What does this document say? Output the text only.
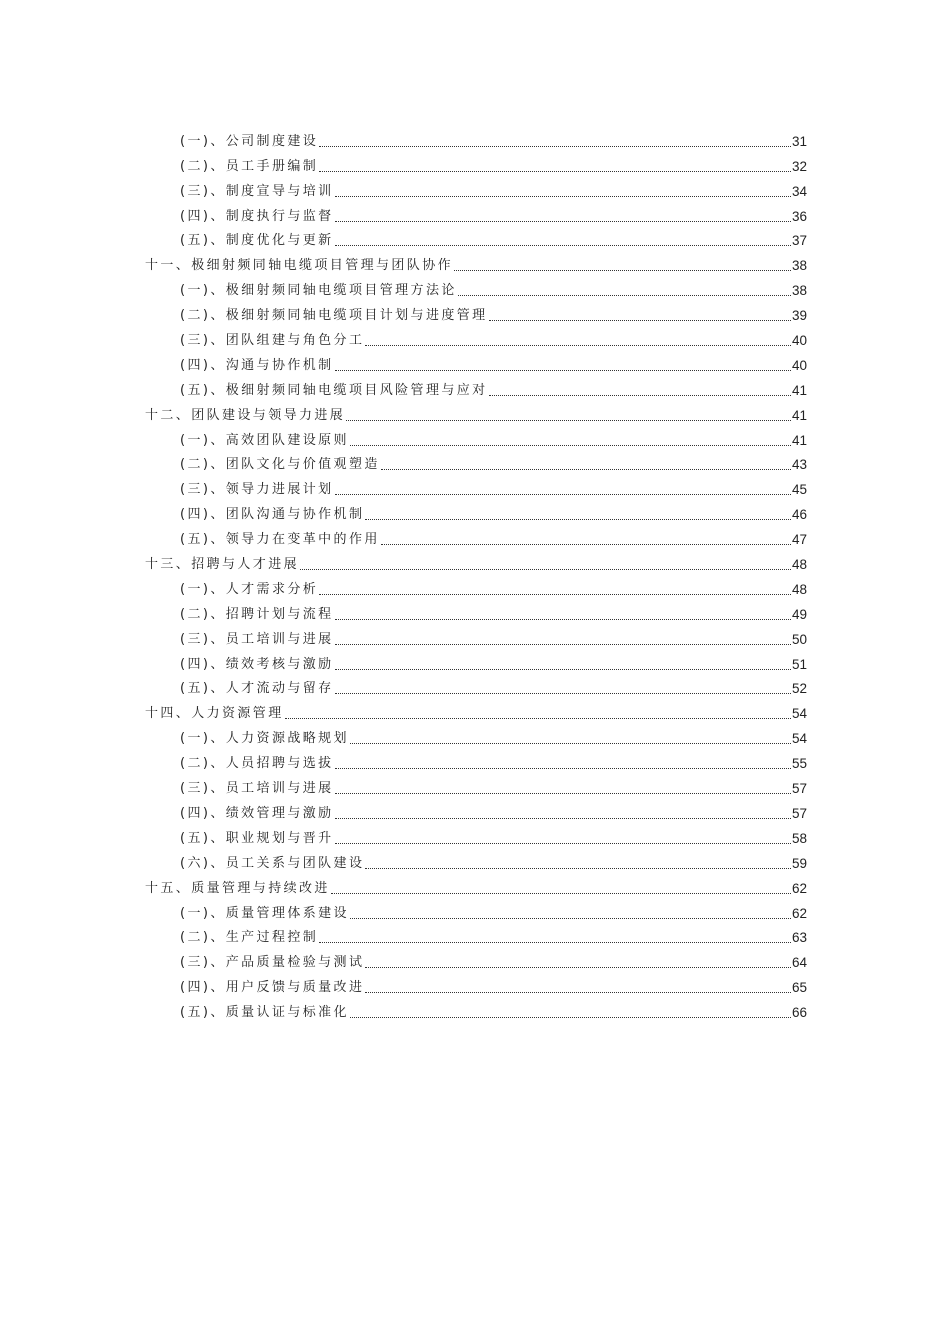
(一)、公司制度建设	31
(二)、员工手册编制	32
(三)、制度宣导与培训	34
(四)、制度执行与监督	36
(五)、制度优化与更新	37
十一、极细射频同轴电缆项目管理与团队协作	38
(一)、极细射频同轴电缆项目管理方法论	38
(二)、极细射频同轴电缆项目计划与进度管理	39
(三)、团队组建与角色分工	40
(四)、沟通与协作机制	40
(五)、极细射频同轴电缆项目风险管理与应对	41
十二、团队建设与领导力进展	41
(一)、高效团队建设原则	41
(二)、团队文化与价值观塑造	43
(三)、领导力进展计划	45
(四)、团队沟通与协作机制	46
(五)、领导力在变革中的作用	47
十三、招聘与人才进展	48
(一)、人才需求分析	48
(二)、招聘计划与流程	49
(三)、员工培训与进展	50
(四)、绩效考核与激励	51
(五)、人才流动与留存	52
十四、人力资源管理	54
(一)、人力资源战略规划	54
(二)、人员招聘与选拔	55
(三)、员工培训与进展	57
(四)、绩效管理与激励	57
(五)、职业规划与晋升	58
(六)、员工关系与团队建设	59
十五、质量管理与持续改进	62
(一)、质量管理体系建设	62
(二)、生产过程控制	63
(三)、产品质量检验与测试	64
(四)、用户反馈与质量改进	65
(五)、质量认证与标准化	66
